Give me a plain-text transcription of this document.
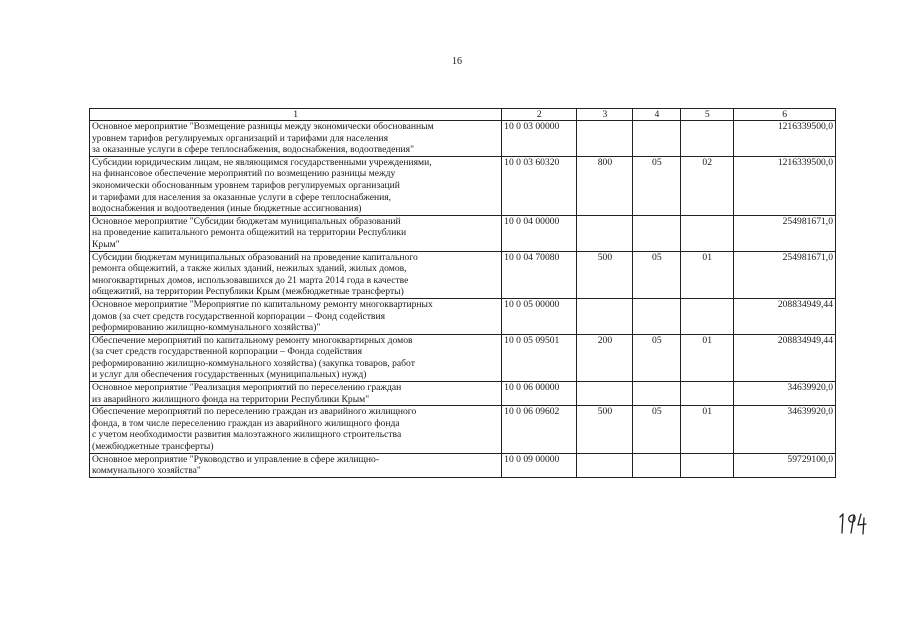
16
1	2	3	4	5	6
Основное мероприятие "Возмещение разницы между экономически обоснованным
уровнем тарифов регулируемых организаций и тарифами для населения
за оказанные услуги в сфере теплоснабжения, водоснабжения, водоотведения"	10 0 03 00000				1216339500,0
Субсидии юридическим лицам, не являющимся государственными учреждениями,
на финансовое обеспечение мероприятий по возмещению разницы между
экономически обоснованным уровнем тарифов регулируемых организаций
и тарифами для населения за оказанные услуги в сфере теплоснабжения,
водоснабжения и водоотведения (иные бюджетные ассигнования)	10 0 03 60320	800	05	02	1216339500,0
Основное мероприятие "Субсидии бюджетам муниципальных образований
на проведение капитального ремонта общежитий на территории Республики
Крым"	10 0 04 00000				254981671,0
Субсидии бюджетам муниципальных образований на проведение капитального
ремонта общежитий, а также жилых зданий, нежилых зданий, жилых домов,
многоквартирных домов, использовавшихся до 21 марта 2014 года в качестве
общежитий, на территории Республики Крым (межбюджетные трансферты)	10 0 04 70080	500	05	01	254981671,0
Основное мероприятие "Мероприятие по капитальному ремонту многоквартирных
домов (за счет средств государственной корпорации – Фонд содействия
реформированию жилищно-коммунального хозяйства)"	10 0 05 00000				208834949,44
Обеспечение мероприятий по капитальному ремонту многоквартирных домов
(за счет средств государственной корпорации – Фонда содействия
реформированию жилищно-коммунального хозяйства) (закупка товаров, работ
и услуг для обеспечения государственных (муниципальных) нужд)	10 0 05 09501	200	05	01	208834949,44
Основное мероприятие "Реализация мероприятий по переселению граждан
из аварийного жилищного фонда на территории Республики Крым"	10 0 06 00000				34639920,0
Обеспечение мероприятий по переселению граждан из аварийного жилищного
фонда, в том числе переселению граждан из аварийного жилищного фонда
с учетом необходимости развития малоэтажного жилищного строительства
(межбюджетные трансферты)	10 0 06 09602	500	05	01	34639920,0
Основное мероприятие "Руководство и управление в сфере жилищно-
коммунального хозяйства"	10 0 09 00000				59729100,0
